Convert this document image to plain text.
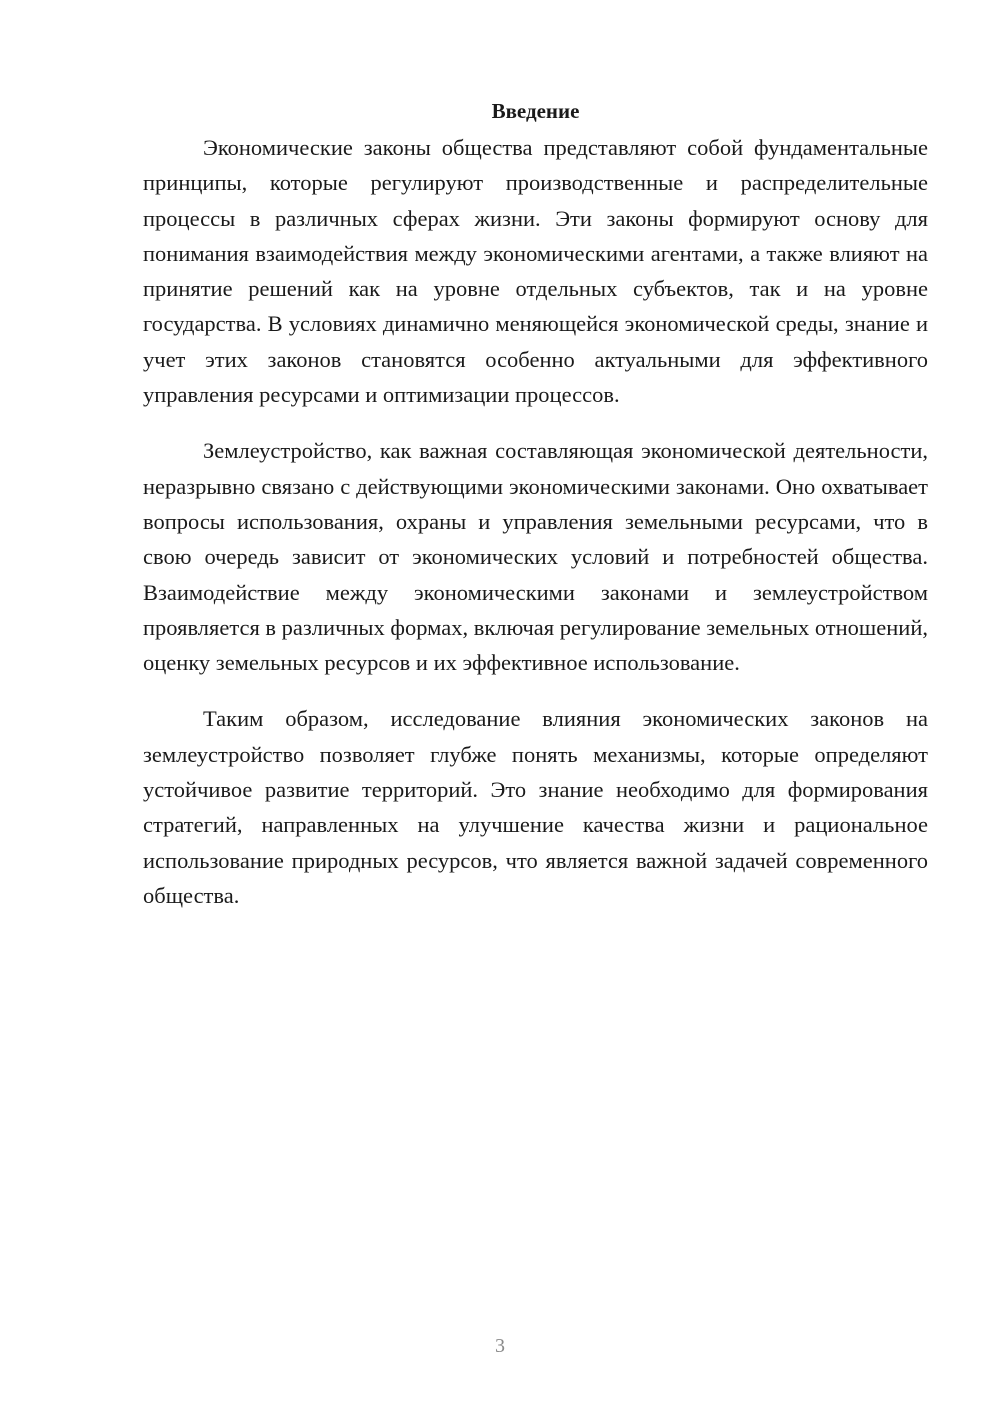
Введение

Экономические законы общества представляют собой фундаментальные принципы, которые регулируют производственные и распределительные процессы в различных сферах жизни. Эти законы формируют основу для понимания взаимодействия между экономическими агентами, а также влияют на принятие решений как на уровне отдельных субъектов, так и на уровне государства. В условиях динамично меняющейся экономической среды, знание и учет этих законов становятся особенно актуальными для эффективного управления ресурсами и оптимизации процессов.

Землеустройство, как важная составляющая экономической деятельности, неразрывно связано с действующими экономическими законами. Оно охватывает вопросы использования, охраны и управления земельными ресурсами, что в свою очередь зависит от экономических условий и потребностей общества. Взаимодействие между экономическими законами и землеустройством проявляется в различных формах, включая регулирование земельных отношений, оценку земельных ресурсов и их эффективное использование.

Таким образом, исследование влияния экономических законов на землеустройство позволяет глубже понять механизмы, которые определяют устойчивое развитие территорий. Это знание необходимо для формирования стратегий, направленных на улучшение качества жизни и рациональное использование природных ресурсов, что является важной задачей современного общества.

3
